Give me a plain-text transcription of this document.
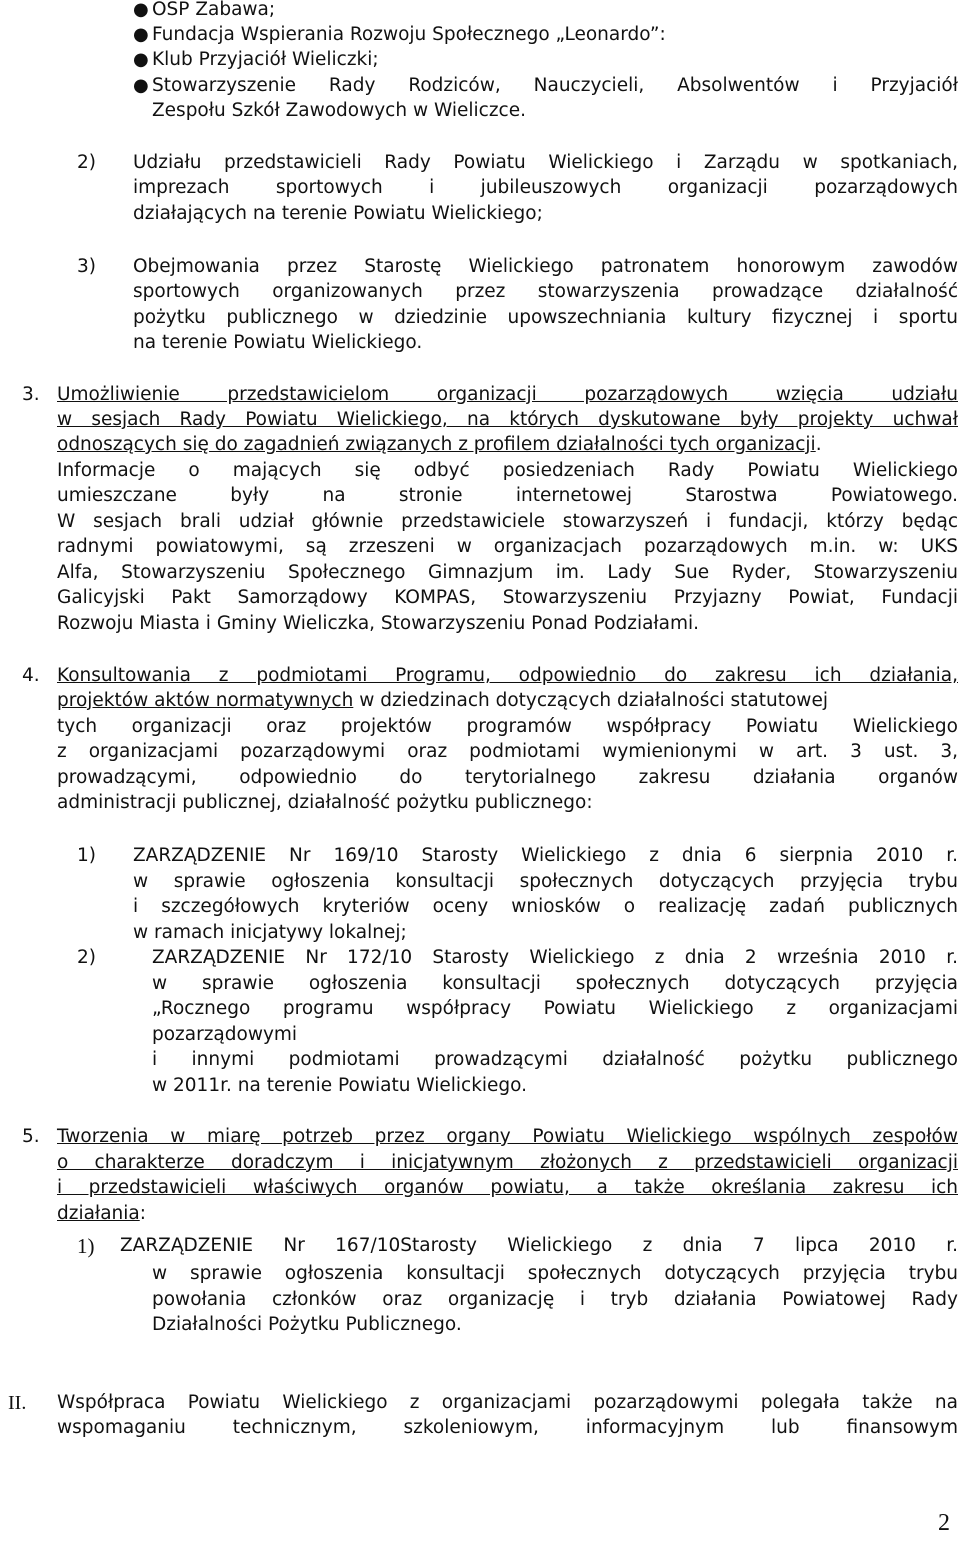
● OSP Zabawa;

● Fundacja Wspierania Rozwoju Społecznego „Leonardo”:

● Klub Przyjaciół Wieliczki;

● Stowarzyszenie Rady Rodziców, Nauczycieli, Absolwentów i Przyjaciół

Zespołu Szkół Zawodowych w Wieliczce.

2) Udziału przedstawicieli Rady Powiatu Wielickiego i Zarządu w spotkaniach,

imprezach sportowych i jubileuszowych organizacji pozarządowych

działających na terenie Powiatu Wielickiego;

3) Obejmowania przez Starostę Wielickiego patronatem honorowym zawodów

sportowych organizowanych przez stowarzyszenia prowadzące działalność

pożytku publicznego w dziedzinie upowszechniania kultury fizycznej i sportu

na terenie Powiatu Wielickiego.

3. Umożliwienie przedstawicielom organizacji pozarządowych wzięcia udziału

w sesjach Rady Powiatu Wielickiego, na których dyskutowane były projekty uchwał

odnoszących się do zagadnień związanych z profilem działalności tych organizacji.

Informacje o mających się odbyć posiedzeniach Rady Powiatu Wielickiego

umieszczane były na stronie internetowej Starostwa Powiatowego.

W sesjach brali udział głównie przedstawiciele stowarzyszeń i fundacji, którzy będąc

radnymi powiatowymi, są zrzeszeni w organizacjach pozarządowych m.in. w: UKS

Alfa, Stowarzyszeniu Społecznego Gimnazjum im. Lady Sue Ryder, Stowarzyszeniu

Galicyjski Pakt Samorządowy KOMPAS, Stowarzyszeniu Przyjazny Powiat, Fundacji

Rozwoju Miasta i Gminy Wieliczka, Stowarzyszeniu Ponad Podziałami.

4. Konsultowania z podmiotami Programu, odpowiednio do zakresu ich działania,

projektów aktów normatywnych w dziedzinach dotyczących działalności statutowej

tych organizacji oraz projektów programów współpracy Powiatu Wielickiego

z organizacjami pozarządowymi oraz podmiotami wymienionymi w art. 3 ust. 3,

prowadzącymi, odpowiednio do terytorialnego zakresu działania organów

administracji publicznej, działalność pożytku publicznego:

1) ZARZĄDZENIE Nr 169/10 Starosty Wielickiego z dnia 6 sierpnia 2010 r.

w sprawie ogłoszenia konsultacji społecznych dotyczących przyjęcia trybu

i szczegółowych kryteriów oceny wniosków o realizację zadań publicznych

w ramach inicjatywy lokalnej;

2)	ZARZĄDZENIE Nr 172/10 Starosty Wielickiego z dnia 2 września 2010 r.

w sprawie ogłoszenia konsultacji społecznych dotyczących przyjęcia

„Rocznego programu współpracy Powiatu Wielickiego z organizacjami

pozarządowymi

i innymi podmiotami prowadzącymi działalność pożytku publicznego

w 2011r. na terenie Powiatu Wielickiego.

5. Tworzenia w miarę potrzeb przez organy Powiatu Wielickiego wspólnych zespołów

o charakterze doradczym i inicjatywnym złożonych z przedstawicieli organizacji

i przedstawicieli właściwych organów powiatu, a także określania zakresu ich

działania:

1) ZARZĄDZENIE Nr 167/10Starosty Wielickiego z dnia 7 lipca 2010 r.

w sprawie ogłoszenia konsultacji społecznych dotyczących przyjęcia trybu

powołania członków oraz organizację i tryb działania Powiatowej Rady

Działalności Pożytku Publicznego.

II. Współpraca Powiatu Wielickiego z organizacjami pozarządowymi polegała także na

wspomaganiu technicznym, szkoleniowym, informacyjnym lub finansowym

2
